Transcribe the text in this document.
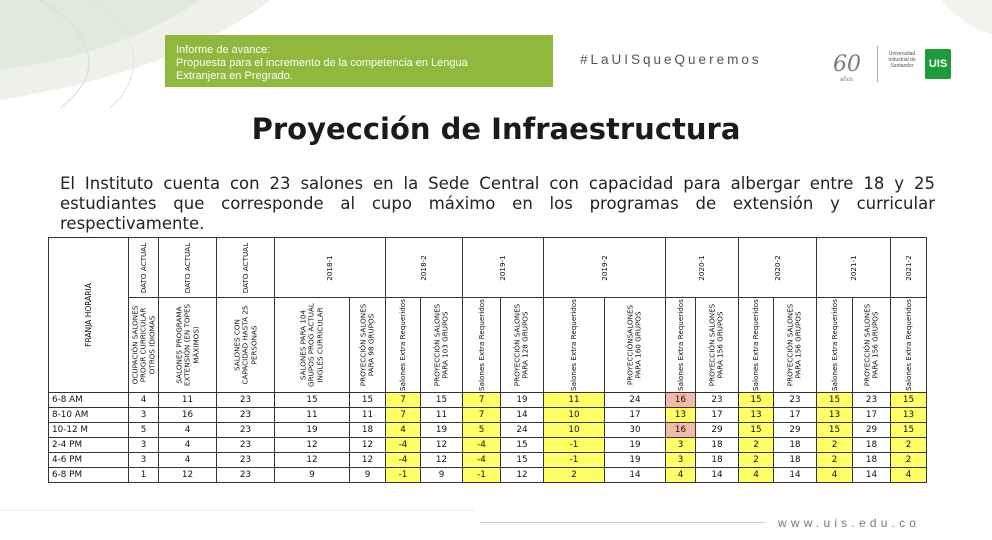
Informe de avance:
Propuesta para el incremento de la competencia en Lengua
Extranjera en Pregrado.
#LaUISqueQueremos	60
años
Universidad Industrial de Santander	UIS
Proyección de Infraestructura
El Instituto cuenta con 23 salones en la Sede Central con capacidad para albergar entre 18 y 25 estudiantes que corresponde al cupo máximo en los programas de extensión y curricular respectivamente.
FRANJA HORARIA	DATO ACTUAL	DATO ACTUAL	DATO ACTUAL	2018-1		2018-2		2019-1		2019-2		2020-1		2020-2		2021-1		2021-2

	OCUPACIÓN SALONES PROGR CURRICULAR OTROS IDIOMAS	SALONES PROGRAMA EXTENSIÓN (EN TOPES MÁXIMOS)	SALONES CON CAPACIDAD HASTA 25 PERSONAS	SALONES PARA 104 GRUPOS PROG ACTUAL INGLÉS CURRICULAR	PROYECCIÓN SALONES PARA 98 GRUPOS	Salones Extra Requeridos	PROYECCIÓN SALONES PARA 103 GRUPOS	Salones Extra Requeridos	PROYECCIÓN SALONES PARA 128 GRUPOS	Salones Extra Requeridos	PROYECCIÓNSALONES PARA 160 GRUPOS	Salones Extra Requeridos	PROYECCIÓN SALONES PARA 156 GRUPOS	Salones Extra Requeridos	PROYECCIÓN SALONES PARA 156 GRUPOS	Salones Extra Requeridos	PROYECCIÓN SALONES PARA 156 GRUPOS	Salones Extra Requeridos

6-8 AM	4	11	23	15	15	7	15	7	19	11	24	16	23	15	23	15	23	15
8-10 AM	3	16	23	11	11	7	11	7	14	10	17	13	17	13	17	13	17	13
10-12 M	5	4	23	19	18	4	19	5	24	10	30	16	29	15	29	15	29	15
2-4 PM	3	4	23	12	12	-4	12	-4	15	-1	19	3	18	2	18	2	18	2
4-6 PM	3	4	23	12	12	-4	12	-4	15	-1	19	3	18	2	18	2	18	2
6-8 PM	1	12	23	9	9	-1	9	-1	12	2	14	4	14	4	14	4	14	4
www.uis.edu.co
